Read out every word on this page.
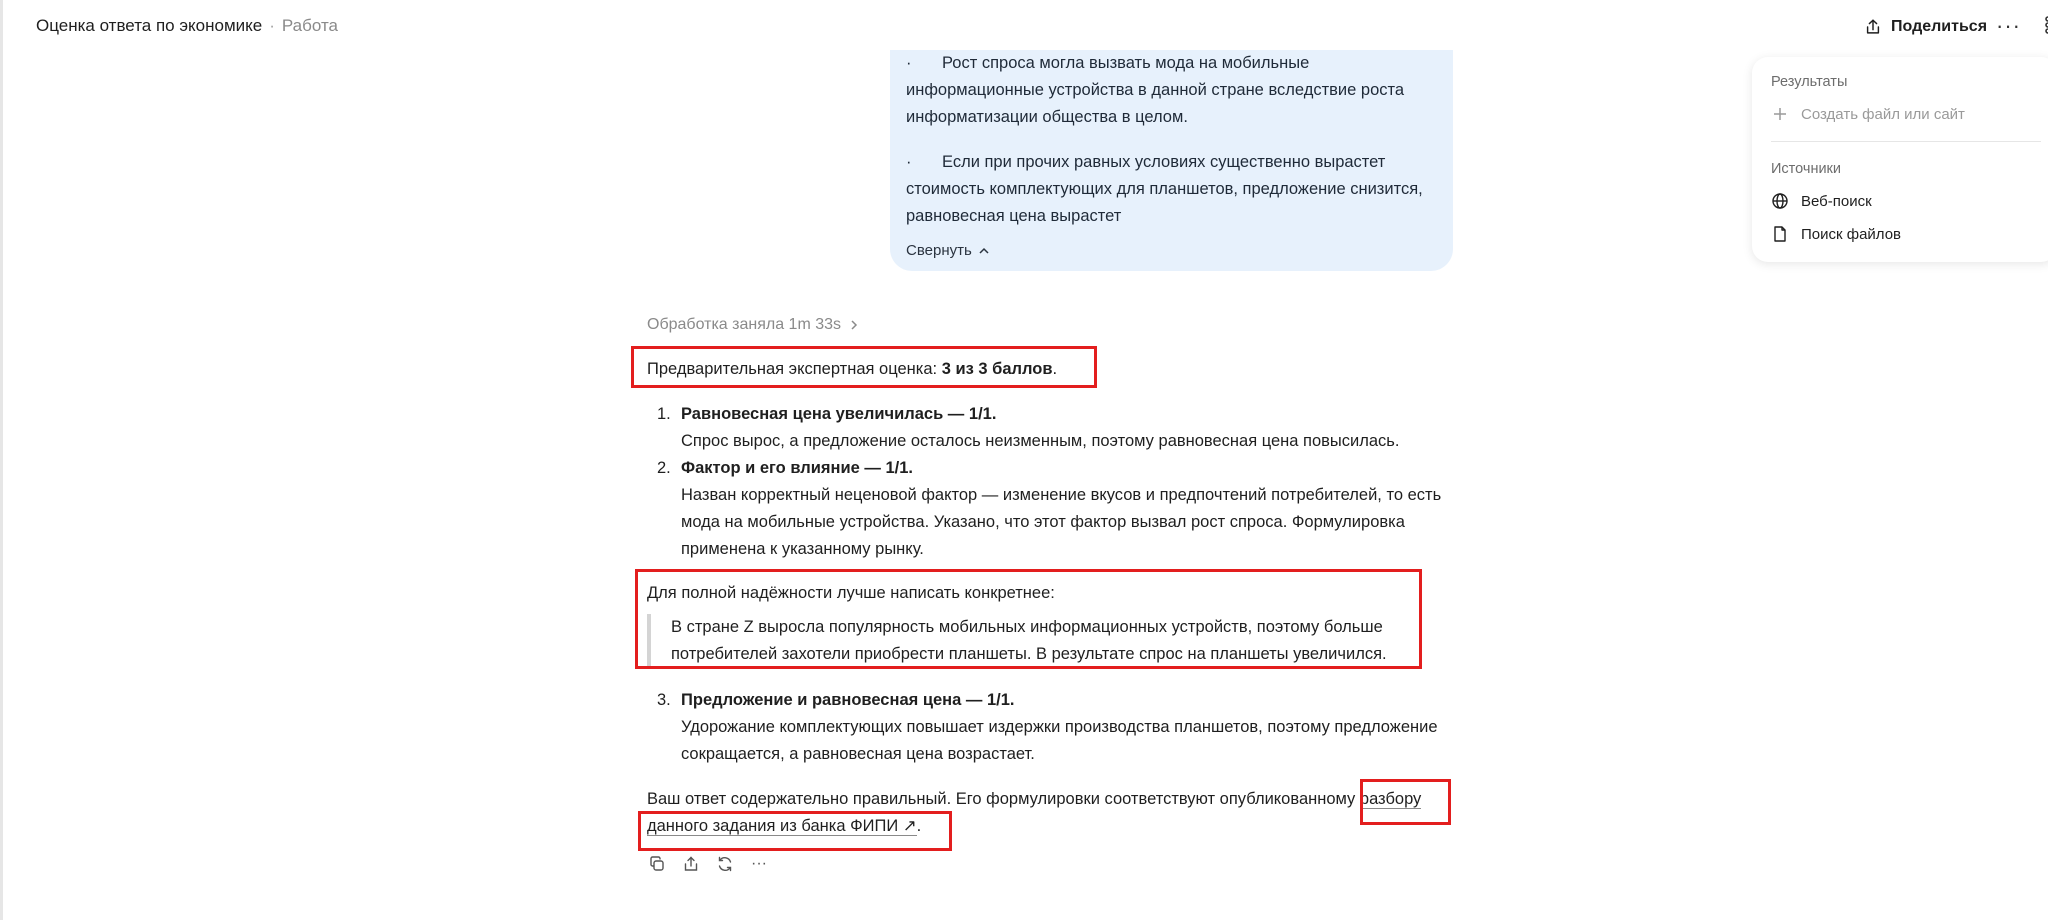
Оценка ответа по экономике · Работа	Поделиться ···
· Рост спроса могла вызвать мода на мобильные информационные устройства в данной стране вследствие роста информатизации общества в целом.
· Если при прочих равных условиях существенно вырастет стоимость комплектующих для планшетов, предложение снизится, равновесная цена вырастет
Свернуть
Результаты
Создать файл или сайт
Источники
Веб-поиск
Поиск файлов
Обработка заняла 1m 33s
Предварительная экспертная оценка: 3 из 3 баллов.
1. Равновесная цена увеличилась — 1/1.
Спрос вырос, а предложение осталось неизменным, поэтому равновесная цена повысилась.
2. Фактор и его влияние — 1/1.
Назван корректный неценовой фактор — изменение вкусов и предпочтений потребителей, то есть мода на мобильные устройства. Указано, что этот фактор вызвал рост спроса. Формулировка применена к указанному рынку.
Для полной надёжности лучше написать конкретнее:
В стране Z выросла популярность мобильных информационных устройств, поэтому больше потребителей захотели приобрести планшеты. В результате спрос на планшеты увеличился.
3. Предложение и равновесная цена — 1/1.
Удорожание комплектующих повышает издержки производства планшетов, поэтому предложение сокращается, а равновесная цена возрастает.
Ваш ответ содержательно правильный. Его формулировки соответствуют опубликованному разбору
данного задания из банка ФИПИ ↗.
···
